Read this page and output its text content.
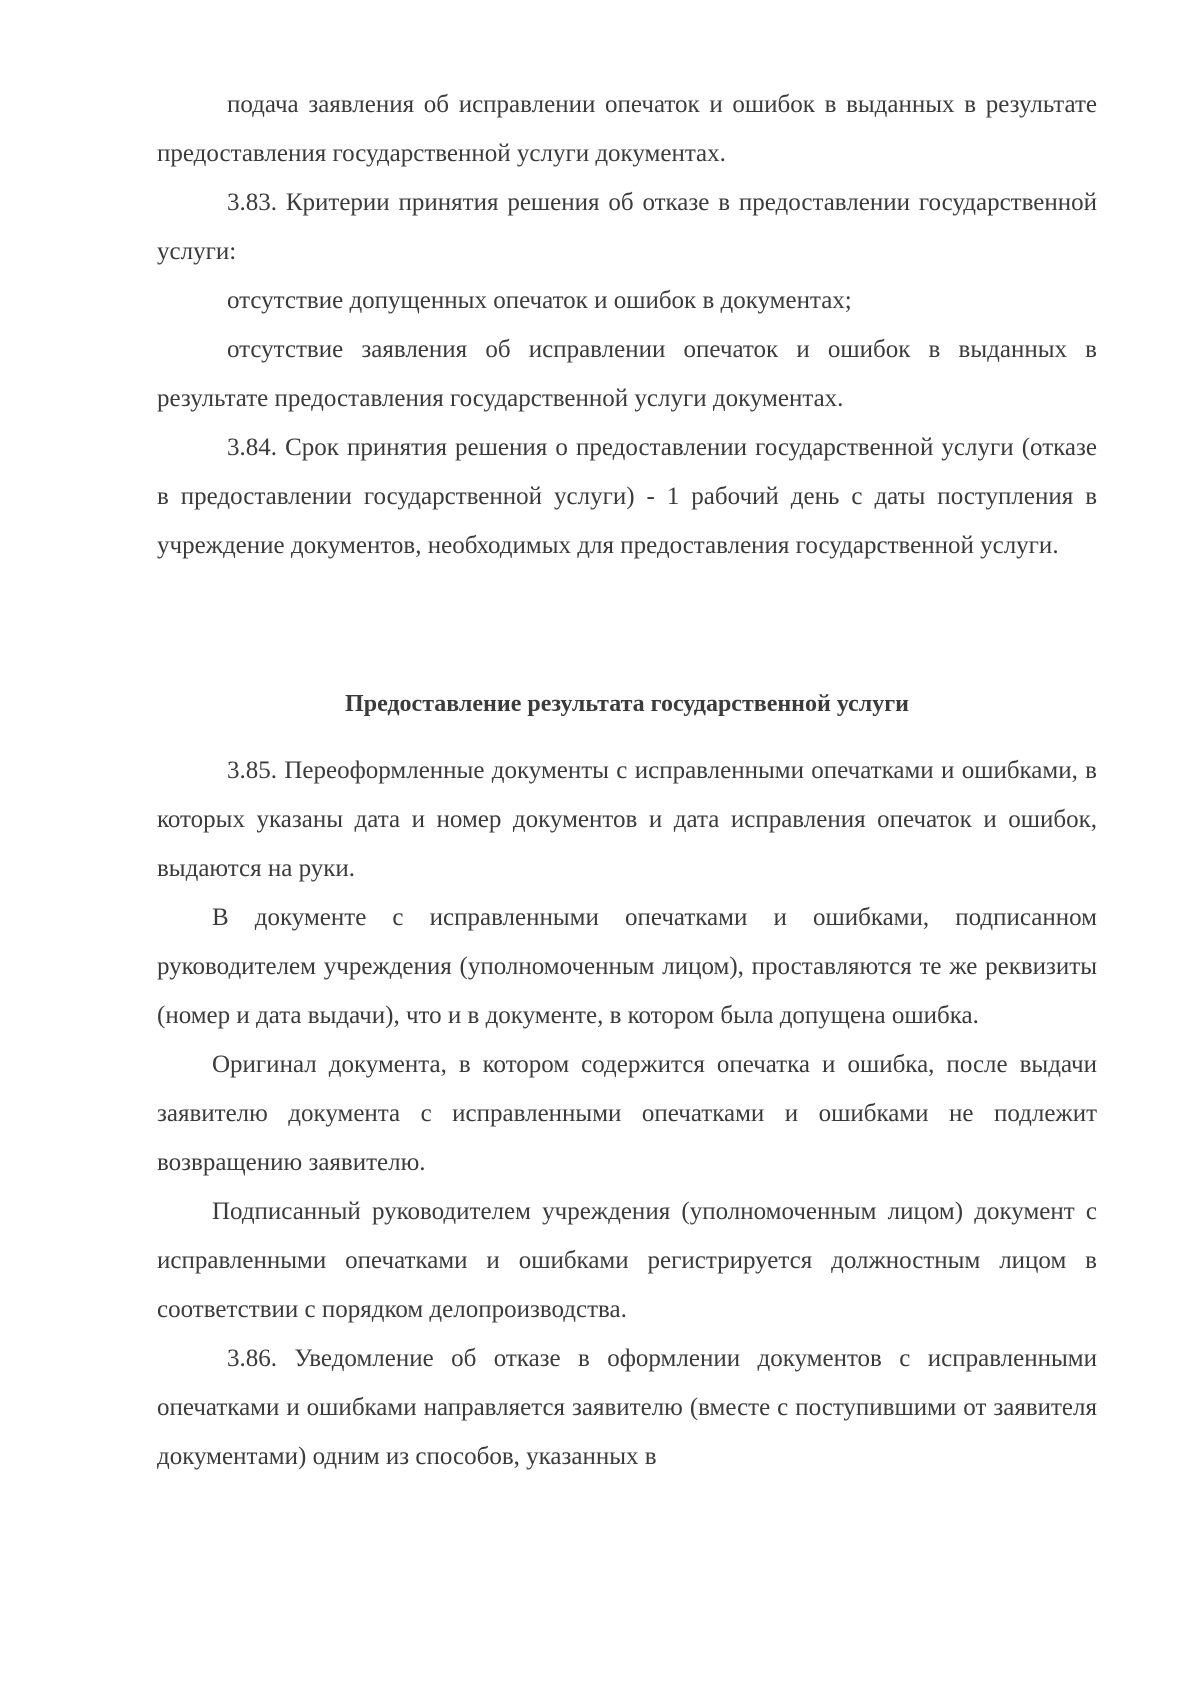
подача заявления об исправлении опечаток и ошибок в выданных в результате предоставления государственной услуги документах.

3.83. Критерии принятия решения об отказе в предоставлении государственной услуги:

отсутствие допущенных опечаток и ошибок в документах;

отсутствие заявления об исправлении опечаток и ошибок в выданных в результате предоставления государственной услуги документах.

3.84. Срок принятия решения о предоставлении государственной услуги (отказе в предоставлении государственной услуги) - 1 рабочий день с даты поступления в учреждение документов, необходимых для предоставления государственной услуги.

Предоставление результата государственной услуги

3.85. Переоформленные документы с исправленными опечатками и ошибками, в которых указаны дата и номер документов и дата исправления опечаток и ошибок, выдаются на руки.

В документе с исправленными опечатками и ошибками, подписанном руководителем учреждения (уполномоченным лицом), проставляются те же реквизиты (номер и дата выдачи), что и в документе, в котором была допущена ошибка.

Оригинал документа, в котором содержится опечатка и ошибка, после выдачи заявителю документа с исправленными опечатками и ошибками не подлежит возвращению заявителю.

Подписанный руководителем учреждения (уполномоченным лицом) документ с исправленными опечатками и ошибками регистрируется должностным лицом в соответствии с порядком делопроизводства.

3.86. Уведомление об отказе в оформлении документов с исправленными опечатками и ошибками направляется заявителю (вместе с поступившими от заявителя документами) одним из способов, указанных в
